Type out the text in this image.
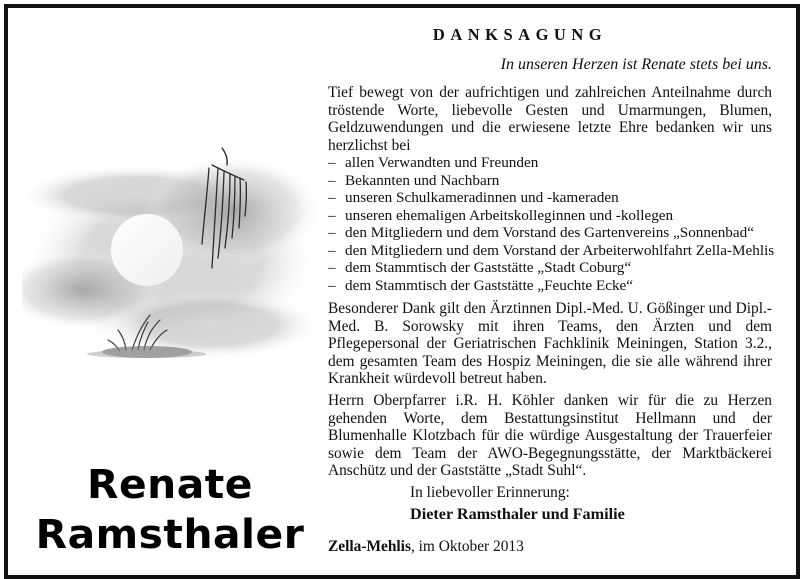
Renate
Ramsthaler
DANKSAGUNG
In unseren Herzen ist Renate stets bei uns.

Tief bewegt von der aufrichtigen und zahlreichen Anteilnahme durch tröstende Worte, liebevolle Gesten und Umarmungen, Blumen, Geldzuwendungen und die erwiesene letzte Ehre bedanken wir uns herzlichst bei

– allen Verwandten und Freunden
– Bekannten und Nachbarn
– unseren Schulkameradinnen und -kameraden
– unseren ehemaligen Arbeitskolleginnen und -kollegen
– den Mitgliedern und dem Vorstand des Gartenvereins „Sonnenbad“
– den Mitgliedern und dem Vorstand der Arbeiterwohlfahrt Zella-Mehlis
– dem Stammtisch der Gaststätte „Stadt Coburg“
– dem Stammtisch der Gaststätte „Feuchte Ecke“

Besonderer Dank gilt den Ärztinnen Dipl.-Med. U. Gößinger und Dipl.-Med. B. Sorowsky mit ihren Teams, den Ärzten und dem Pflegepersonal der Geriatrischen Fachklinik Meiningen, Station 3.2., dem gesamten Team des Hospiz Meiningen, die sie alle während ihrer Krankheit würdevoll betreut haben.

Herrn Oberpfarrer i.R. H. Köhler danken wir für die zu Herzen gehenden Worte, dem Bestattungsinstitut Hellmann und der Blumenhalle Klotzbach für die würdige Ausgestaltung der Trauerfeier sowie dem Team der AWO-Begegnungsstätte, der Marktbäckerei Anschütz und der Gaststätte „Stadt Suhl“.

In liebevoller Erinnerung:
Dieter Ramsthaler und Familie
Zella-Mehlis, im Oktober 2013
